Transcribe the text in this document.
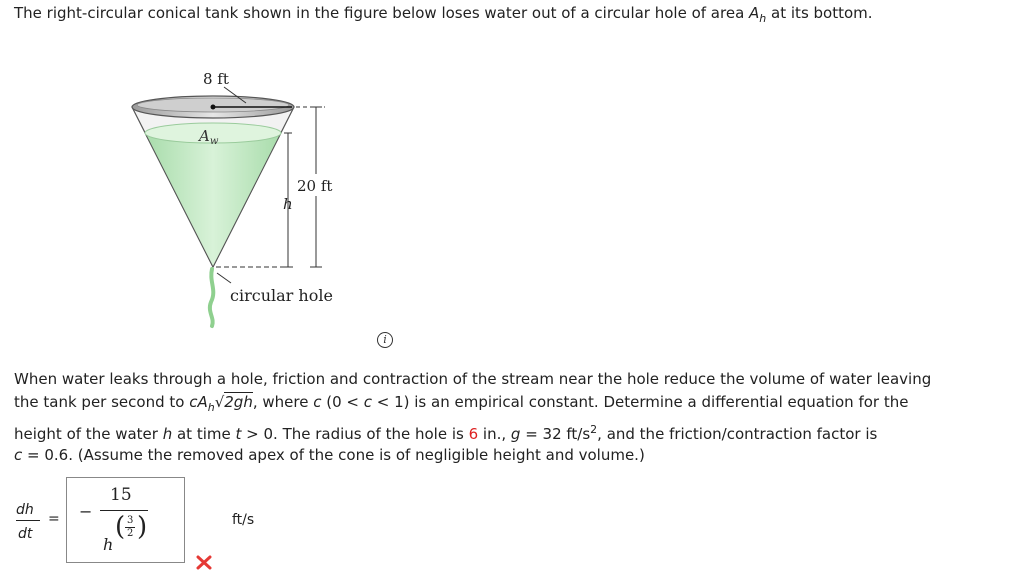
The right-circular conical tank shown in the figure below loses water out of a circular hole of area $A_h$ at its bottom.
8 ft
$A_w$
20 ft
h
circular hole
i
When water leaks through a hole, friction and contraction of the stream near the hole reduce the volume of water leaving
the tank per second to $cA_h√2gh$, where c (0 < c < 1) is an empirical constant. Determine a differential equation for the
height of the water h at time t > 0. The radius of the hole is 6 in., g = 32 $ft/s^2$, and the friction/contraction factor is
c = 0.6. (Assume the removed apex of the cone is of negligible height and volume.)
dh
dt
= −
15
h
( 3
2 )	ft/s
